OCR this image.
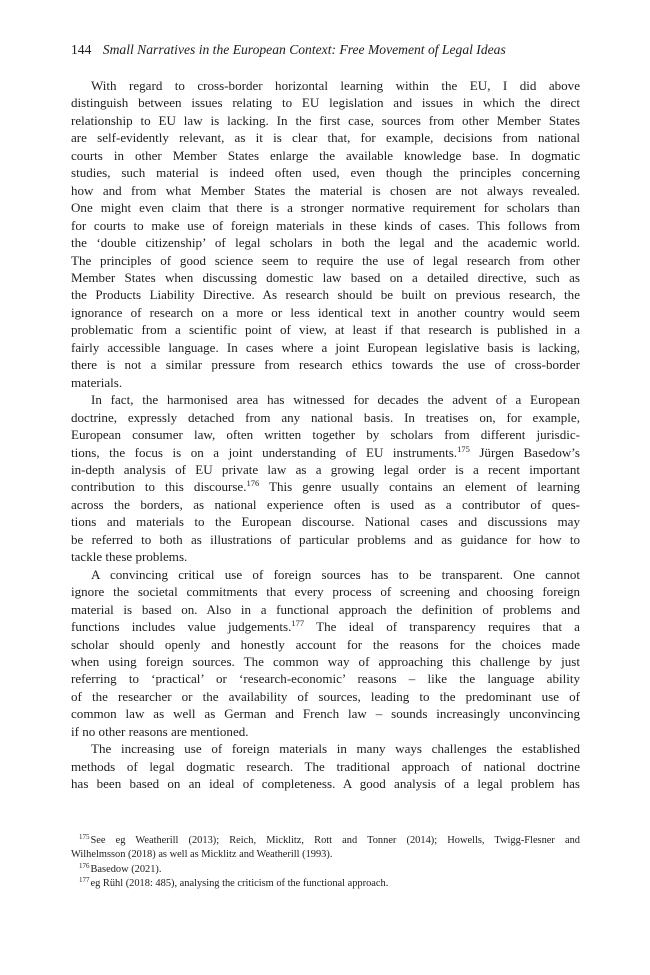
144 Small Narratives in the European Context: Free Movement of Legal Ideas
With regard to cross-border horizontal learning within the EU, I did above
distinguish between issues relating to EU legislation and issues in which the direct
relationship to EU law is lacking. In the first case, sources from other Member States
are self-evidently relevant, as it is clear that, for example, decisions from national
courts in other Member States enlarge the available knowledge base. In dogmatic
studies, such material is indeed often used, even though the principles concerning
how and from what Member States the material is chosen are not always revealed.
One might even claim that there is a stronger normative requirement for scholars than
for courts to make use of foreign materials in these kinds of cases. This follows from
the ‘double citizenship’ of legal scholars in both the legal and the academic world.
The principles of good science seem to require the use of legal research from other
Member States when discussing domestic law based on a detailed directive, such as
the Products Liability Directive. As research should be built on previous research, the
ignorance of research on a more or less identical text in another country would seem
problematic from a scientific point of view, at least if that research is published in a
fairly accessible language. In cases where a joint European legislative basis is lacking,
there is not a similar pressure from research ethics towards the use of cross-border
materials.
In fact, the harmonised area has witnessed for decades the advent of a European
doctrine, expressly detached from any national basis. In treatises on, for example,
European consumer law, often written together by scholars from different jurisdic-
tions, the focus is on a joint understanding of EU instruments.$^{175}$ Jürgen Basedow’s
in-depth analysis of EU private law as a growing legal order is a recent important
contribution to this discourse.$^{176}$ This genre usually contains an element of learning
across the borders, as national experience often is used as a contributor of ques-
tions and materials to the European discourse. National cases and discussions may
be referred to both as illustrations of particular problems and as guidance for how to
tackle these problems.
A convincing critical use of foreign sources has to be transparent. One cannot
ignore the societal commitments that every process of screening and choosing foreign
material is based on. Also in a functional approach the definition of problems and
functions includes value judgements.$^{177}$ The ideal of transparency requires that a
scholar should openly and honestly account for the reasons for the choices made
when using foreign sources. The common way of approaching this challenge by just
referring to ‘practical’ or ‘research-economic’ reasons – like the language ability
of the researcher or the availability of sources, leading to the predominant use of
common law as well as German and French law – sounds increasingly unconvincing
if no other reasons are mentioned.
The increasing use of foreign materials in many ways challenges the established
methods of legal dogmatic research. The traditional approach of national doctrine
has been based on an ideal of completeness. A good analysis of a legal problem has
$^{175}$See eg Weatherill (2013); Reich, Micklitz, Rott and Tonner (2014); Howells, Twigg-Flesner and
Wilhelmsson (2018) as well as Micklitz and Weatherill (1993).
$^{176}$Basedow (2021).
$^{177}$eg Rühl (2018: 485), analysing the criticism of the functional approach.
